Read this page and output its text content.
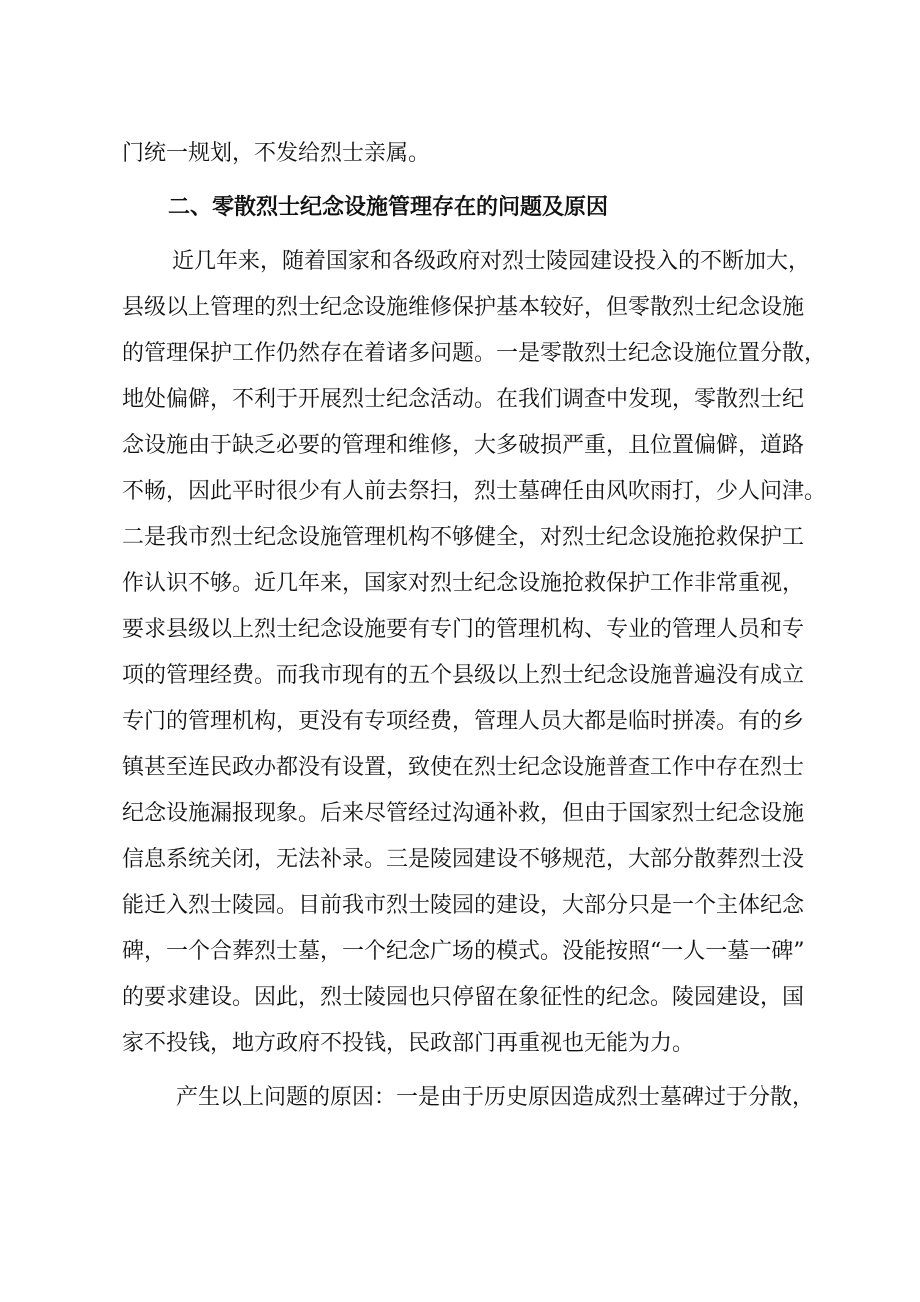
门统一规划，不发给烈士亲属。
二、零散烈士纪念设施管理存在的问题及原因
近几年来，随着国家和各级政府对烈士陵园建设投入的不断加大，
县级以上管理的烈士纪念设施维修保护基本较好，但零散烈士纪念设施
的管理保护工作仍然存在着诸多问题。一是零散烈士纪念设施位置分散，
地处偏僻，不利于开展烈士纪念活动。在我们调查中发现，零散烈士纪
念设施由于缺乏必要的管理和维修，大多破损严重，且位置偏僻，道路
不畅，因此平时很少有人前去祭扫，烈士墓碑任由风吹雨打，少人问津。
二是我市烈士纪念设施管理机构不够健全，对烈士纪念设施抢救保护工
作认识不够。近几年来，国家对烈士纪念设施抢救保护工作非常重视，
要求县级以上烈士纪念设施要有专门的管理机构、专业的管理人员和专
项的管理经费。而我市现有的五个县级以上烈士纪念设施普遍没有成立
专门的管理机构，更没有专项经费，管理人员大都是临时拼凑。有的乡
镇甚至连民政办都没有设置，致使在烈士纪念设施普查工作中存在烈士
纪念设施漏报现象。后来尽管经过沟通补救，但由于国家烈士纪念设施
信息系统关闭，无法补录。三是陵园建设不够规范，大部分散葬烈士没
能迁入烈士陵园。目前我市烈士陵园的建设，大部分只是一个主体纪念
碑，一个合葬烈士墓，一个纪念广场的模式。没能按照“一人一墓一碑”
的要求建设。因此，烈士陵园也只停留在象征性的纪念。陵园建设，国
家不投钱，地方政府不投钱，民政部门再重视也无能为力。
产生以上问题的原因：一是由于历史原因造成烈士墓碑过于分散，
